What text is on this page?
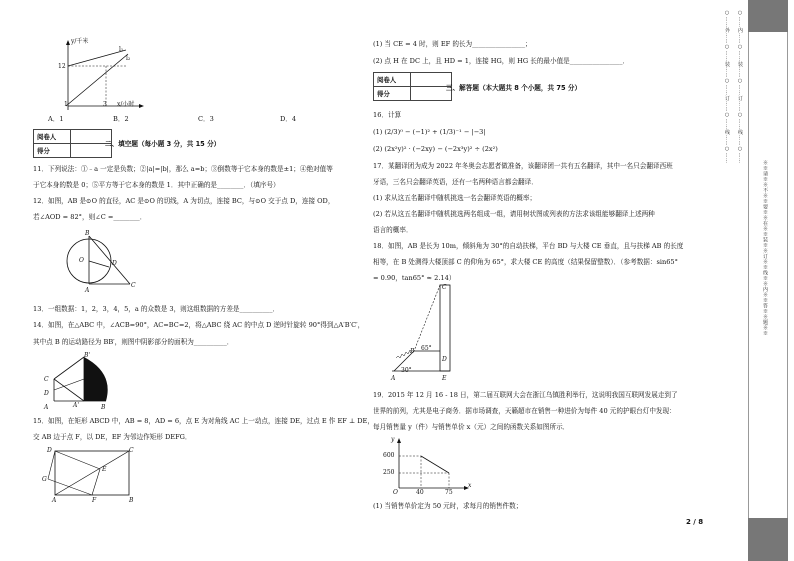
y/千米
x/小时
12
1	3
l₁
l₂
A．1	B．2	C．3	D．4
阅卷人	
得分	
二、填空题（每小题 3 分，共 15 分）
11．下列说法：①﹣a 一定是负数；②|a|=|b|，那么 a=b；③倒数等于它本身的数是±1；④绝对值等
于它本身的数是 0；⑤平方等于它本身的数是 1．其中正确的是________．（填序号）
12．如图，AB 是⊙O 的直径，AC 是⊙O 的切线，A 为切点，连接 BC，与⊙O 交于点 D，连接 OD，
若∠AOD = 82°，则∠C =________．
B
O	D
A
C
13．一组数据：1，2，3，4，5，a 的众数是 3，则这组数据的方差是__________．
14．如图，在△ABC 中，∠ACB=90°，AC=BC=2，将△ABC 绕 AC 的中点 D 逆时针旋转 90°得到△A′B′C′，
其中点 B 的运动路径为 BB′，则图中阴影部分的面积为__________．
C
D
A	A'
B'
B
15．如图，在矩形 ABCD 中，AB = 8，AD = 6，点 E 为对角线 AC 上一动点，连接 DE，过点 E 作 EF ⊥ DE，
交 AB 边于点 F，以 DE，EF 为邻边作矩形 DEFG．
D	C
G
E
A	F	B
(1) 当 CE = 4 时，则 EF 的长为________________；
(2) 点 H 在 DC 上，且 HD = 1，连接 HG，则 HG 长的最小值是________________．
阅卷人	
得分	
三、解答题（本大题共 8 个小题，共 75 分）
16．计算
(1) (2/3)⁰ − (−1)² + (1/3)⁻¹ − |−3|
(2) (2x²y)² · (−2xy) − (−2x³y)² ÷ (2x²)
17．某翻译团为成为 2022 年冬奥会志愿者做准备，该翻译团一共有五名翻译，其中一名只会翻译西班
牙语，三名只会翻译英语，还有一名两种语言都会翻译．
(1) 求从这五名翻译中随机挑选一名会翻译英语的概率；
(2) 若从这五名翻译中随机挑选两名组成一组，请用树状图或列表的方法求该组能够翻译上述两种
语言的概率．
18．如图，AB 是长为 10m，倾斜角为 30°的自动扶梯，平台 BD 与大楼 CE 垂直，且与扶梯 AB 的长度
相等，在 B 处测得大楼顶部 C 的仰角为 65°，求大楼 CE 的高度（结果保留整数）．（参考数据：sin65°
= 0.90，tan65° ≈ 2.14）
C
B 65°
D
30°
A	E
19．2015 年 12 月 16 - 18 日，第二届互联网大会在浙江乌镇胜利举行，这说明我国互联网发展走到了
世界的前列，尤其是电子商务．据市场调查，天籁超市在销售一种进价为每件 40 元的护眼台灯中发现：
每月销售量 y（件）与销售单价 x（元）之间的函数关系如图所示．
y
x
600
250
O	40	75
(1) 当销售单价定为 50 元时，求每月的销售件数；
2 / 8
○……外……○……装……○……订……○……线……○…… ○……内……○……装……○……订……○……线……○……
※※请※※不※※要※※在※※装※※订※※线※※内※※答※※题※※
